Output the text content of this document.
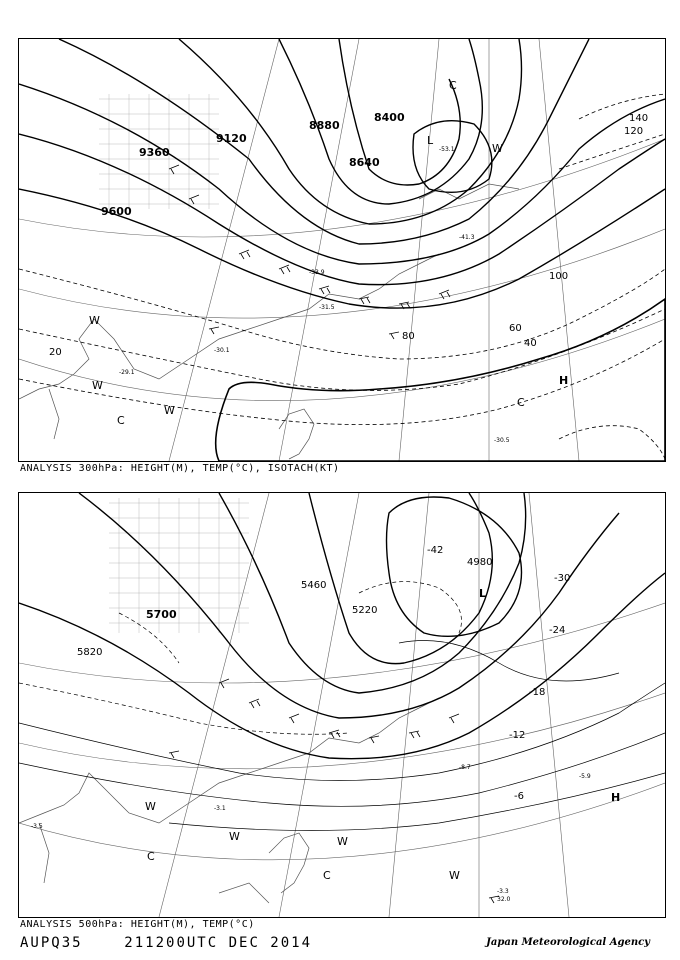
9600
9360
9120
8880
8640
8400
20
40
60
80
100
120
140
-30.5
-31.5
-33.9
-41.3
-53.1
-29.1
-30.1
H
L
C
C
C
W
W
W
W
ANALYSIS 300hPa: HEIGHT(M), TEMP(°C), ISOTACH(KT)
5820
5700
5460
5220
4980
-6
-12
-18
-24
-30
-42
-3.3
32.0
-8.7
-5.9
-3.1
-3.5
H
L
C
C
W
W	W
W
ANALYSIS 500hPa: HEIGHT(M), TEMP(°C)
AUPQ35	211200UTC DEC 2014	Japan Meteorological Agency
